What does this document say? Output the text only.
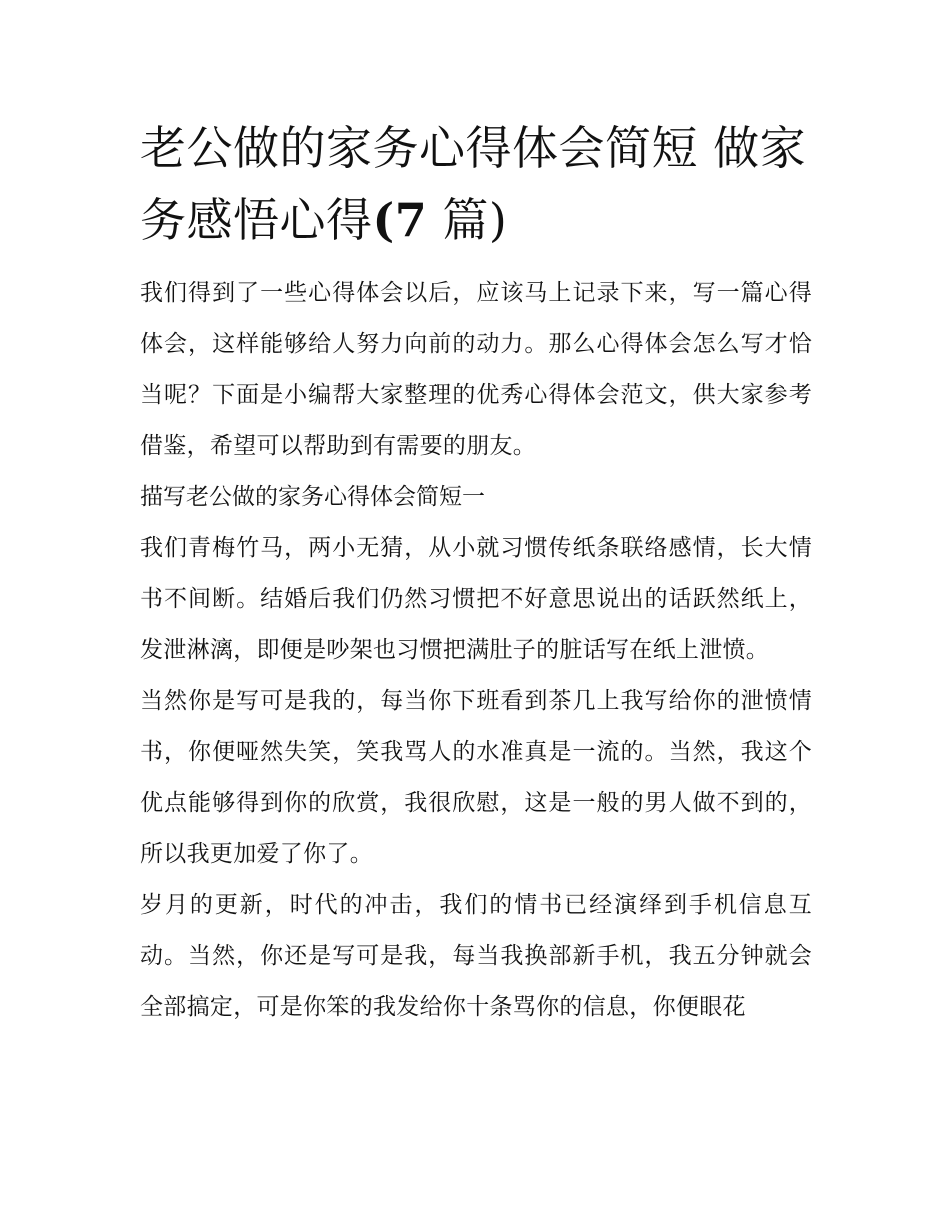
老公做的家务心得体会简短 做家务感悟心得(7 篇)

我们得到了一些心得体会以后，应该马上记录下来，写一篇心得体会，这样能够给人努力向前的动力。那么心得体会怎么写才恰当呢？下面是小编帮大家整理的优秀心得体会范文，供大家参考借鉴，希望可以帮助到有需要的朋友。

描写老公做的家务心得体会简短一

我们青梅竹马，两小无猜，从小就习惯传纸条联络感情，长大情书不间断。结婚后我们仍然习惯把不好意思说出的话跃然纸上，发泄淋漓，即便是吵架也习惯把满肚子的脏话写在纸上泄愤。

当然你是写可是我的，每当你下班看到茶几上我写给你的泄愤情书，你便哑然失笑，笑我骂人的水准真是一流的。当然，我这个优点能够得到你的欣赏，我很欣慰，这是一般的男人做不到的，所以我更加爱了你了。

岁月的更新，时代的冲击，我们的情书已经演绎到手机信息互动。当然，你还是写可是我，每当我换部新手机，我五分钟就会全部搞定，可是你笨的我发给你十条骂你的信息，你便眼花
